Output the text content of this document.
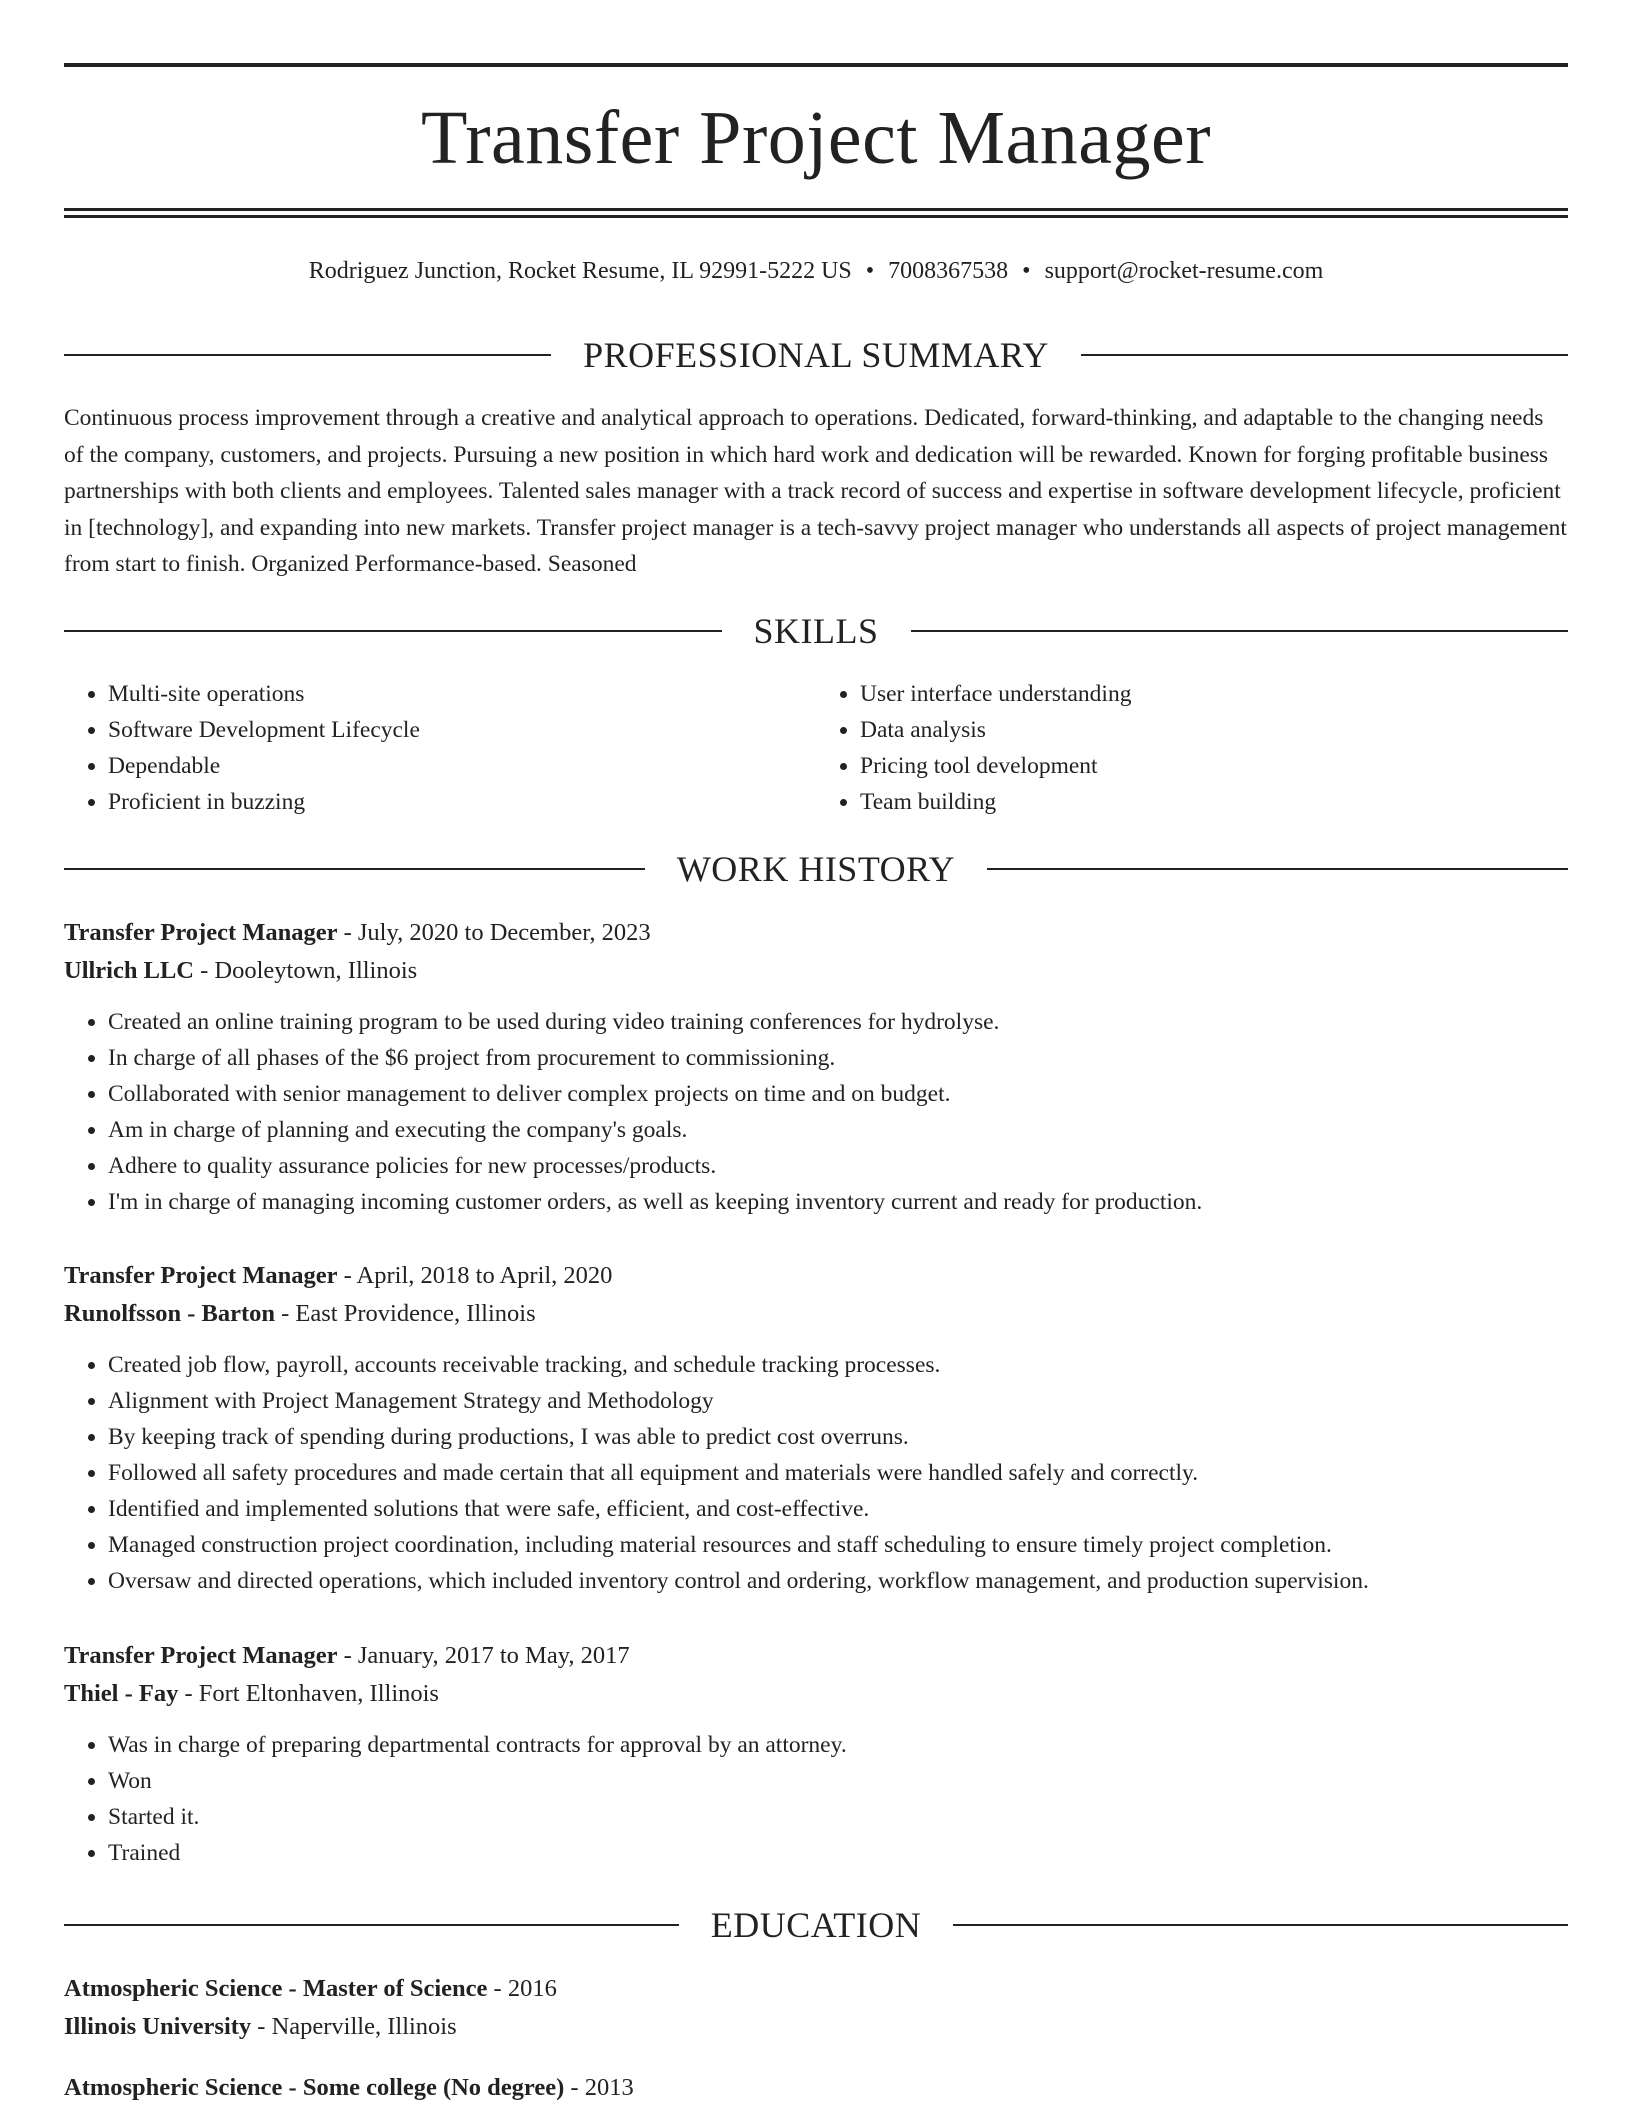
Transfer Project Manager
Rodriguez Junction, Rocket Resume, IL 92991-5222 US • 7008367538 • support@rocket-resume.com
PROFESSIONAL SUMMARY

Continuous process improvement through a creative and analytical approach to operations. Dedicated, forward-thinking, and adaptable to the changing needs of the company, customers, and projects. Pursuing a new position in which hard work and dedication will be rewarded. Known for forging profitable business partnerships with both clients and employees. Talented sales manager with a track record of success and expertise in software development lifecycle, proficient in [technology], and expanding into new markets. Transfer project manager is a tech-savvy project manager who understands all aspects of project management from start to finish. Organized Performance-based. Seasoned

SKILLS
• Multi-site operations
• Software Development Lifecycle
• Dependable
• Proficient in buzzing
• User interface understanding
• Data analysis
• Pricing tool development
• Team building
WORK HISTORY
Transfer Project Manager - July, 2020 to December, 2023
Ullrich LLC - Dooleytown, Illinois
• Created an online training program to be used during video training conferences for hydrolyse.
• In charge of all phases of the $6 project from procurement to commissioning.
• Collaborated with senior management to deliver complex projects on time and on budget.
• Am in charge of planning and executing the company's goals.
• Adhere to quality assurance policies for new processes/products.
• I'm in charge of managing incoming customer orders, as well as keeping inventory current and ready for production.
Transfer Project Manager - April, 2018 to April, 2020
Runolfsson - Barton - East Providence, Illinois
• Created job flow, payroll, accounts receivable tracking, and schedule tracking processes.
• Alignment with Project Management Strategy and Methodology
• By keeping track of spending during productions, I was able to predict cost overruns.
• Followed all safety procedures and made certain that all equipment and materials were handled safely and correctly.
• Identified and implemented solutions that were safe, efficient, and cost-effective.
• Managed construction project coordination, including material resources and staff scheduling to ensure timely project completion.
• Oversaw and directed operations, which included inventory control and ordering, workflow management, and production supervision.
Transfer Project Manager - January, 2017 to May, 2017
Thiel - Fay - Fort Eltonhaven, Illinois
• Was in charge of preparing departmental contracts for approval by an attorney.
• Won
• Started it.
• Trained
EDUCATION
Atmospheric Science - Master of Science - 2016
Illinois University - Naperville, Illinois
Atmospheric Science - Some college (No degree) - 2013
